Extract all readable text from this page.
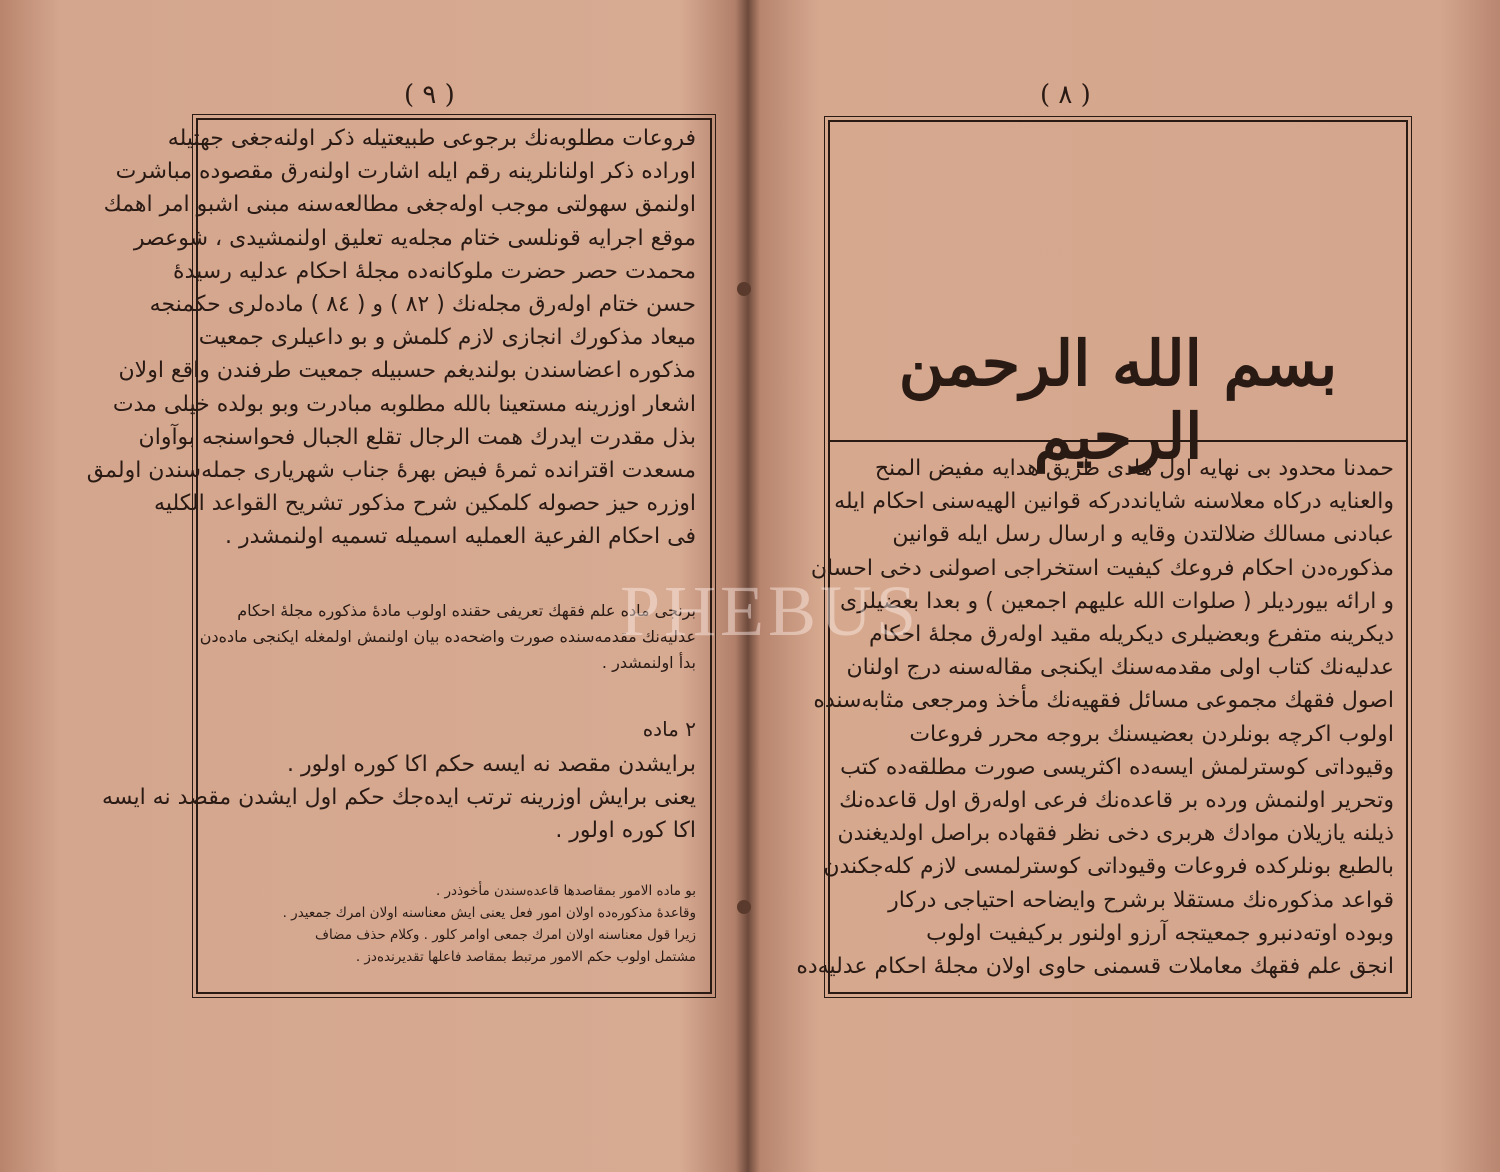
( ٩ )
فروعات مطلوبه‌نك برجوعى طبيعتيله ذكر اولنه‌جغى جهتيله
اوراده ذكر اولنانلرينه رقم ايله اشارت اولنه‌رق مقصوده مباشرت
اولنمق سهولتى موجب اوله‌جغى مطالعه‌سنه مبنى اشبو امر اهمك
موقع اجرايه قونلسى ختام مجله‌يه تعليق اولنمشيدى ، شوعصر
محمدت حصر حضرت ملوكانه‌ده مجلۀ احكام عدليه رسيدۀ
حسن ختام اوله‌رق مجله‌نك ( ٨٢ ) و ( ٨٤ ) ماده‌لرى حكمنجه
ميعاد مذكورك انجازى لازم كلمش و بو داعيلرى جمعيت
مذكوره اعضاسندن بولنديغم حسبيله جمعيت طرفندن واقع اولان
اشعار اوزرينه مستعينا بالله مطلوبه مبادرت وبو بولده خيلى مدت
بذل مقدرت ايدرك همت الرجال تقلع الجبال فحواسنجه بوآوان
مسعدت اقترانده ثمرۀ فيض بهرۀ جناب شهريارى جمله‌سندن اولمق
اوزره حيز حصوله كلمكين شرح مذكور تشريح القواعد الكليه
فى احكام الفرعية العمليه اسميله تسميه اولنمشدر .
برنجى ماده علم فقهك تعريفى حقنده اولوب مادۀ مذكوره مجلۀ احكام
عدليه‌نك مقدمه‌سنده صورت واضحه‌ده بيان اولنمش اولمغله ايكنجى ماده‌دن
بدأ اولنمشدر .
٢ ماده
برايشدن مقصد نه ايسه حكم اكا كوره اولور .
يعنى برايش اوزرينه ترتب ايده‌جك حكم اول ايشدن مقصد نه ايسه
اكا كوره اولور .
بو ماده الامور بمقاصدها قاعده‌سندن مأخوذدر .
وقاعدۀ مذكوره‌ده اولان امور فعل يعنى ايش معناسنه اولان امرك جمعيدر .
زيرا قول معناسنه اولان امرك جمعى اوامر كلور . وكلام حذف مضاف
مشتمل اولوب حكم الامور مرتبط بمقاصد فاعلها تقديرنده‌دز .
( ٨ )
بسم الله الرحمن الرحيم
حمدنا محدود بى نهايه اول هادى طريق هدايه مفيض المنح
والعنايه دركاه معلاسنه شايانددركه قوانين الهيه‌سنى احكام ايله
عبادنى مسالك ضلالتدن وقايه و ارسال رسل ايله قوانين
مذكوره‌دن احكام فروعك كيفيت استخراجى اصولنى دخى احسان
و ارائه بيورديلر ( صلوات الله عليهم اجمعين ) و بعدا بعضيلرى
ديكرينه متفرع وبعضيلرى ديكريله مقيد اوله‌رق مجلۀ احكام
عدليه‌نك كتاب اولى مقدمه‌سنك ايكنجى مقاله‌سنه درج اولنان
اصول فقهك مجموعى مسائل فقهيه‌نك مأخذ ومرجعى مثابه‌سنده
اولوب اكرچه بونلردن بعضيسنك بروجه محرر فروعات
وقيوداتى كوسترلمش ايسه‌ده اكثريسى صورت مطلقه‌ده كتب
وتحرير اولنمش ورده بر قاعده‌نك فرعى اوله‌رق اول قاعده‌نك
ذيلنه يازيلان موادك هربرى دخى نظر فقهاده براصل اولديغندن
بالطبع بونلركده فروعات وقيوداتى كوسترلمسى لازم كله‌جكندن
قواعد مذكوره‌نك مستقلا برشرح وايضاحه احتياجى دركار
وبوده اوته‌دنبرو جمعيتجه آرزو اولنور بركيفيت اولوب
انجق علم فقهك معاملات قسمنى حاوى اولان مجلۀ احكام عدليه‌ده
PHEBUS
